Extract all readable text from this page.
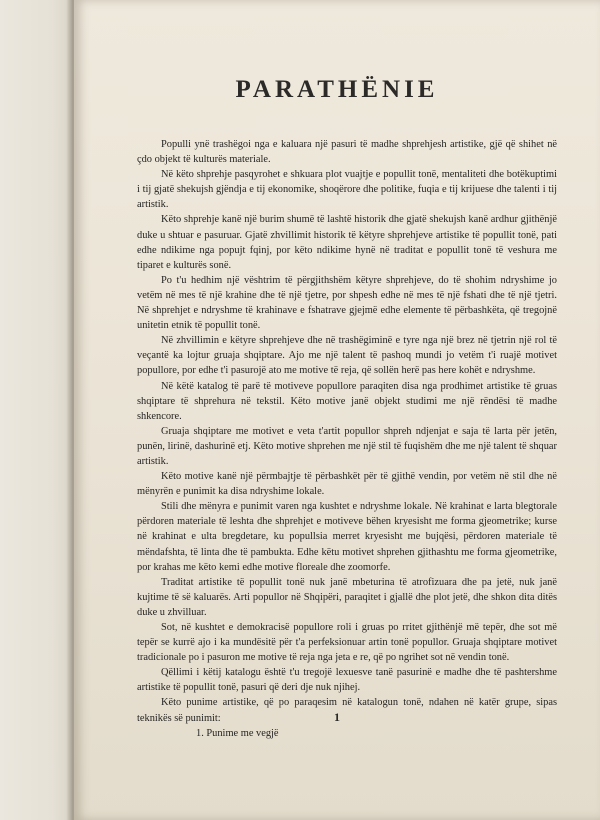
PARATHËNIE

Populli ynë trashëgoi nga e kaluara një pasuri të madhe shprehjesh artistike, gjë që shihet në çdo objekt të kulturës materiale.

Në këto shprehje pasqyrohet e shkuara plot vuajtje e popullit tonë, mentaliteti dhe botëkuptimi i tij gjatë shekujsh gjëndja e tij ekonomike, shoqërore dhe politike, fuqia e tij krijuese dhe talenti i tij artistik.

Këto shprehje kanë një burim shumë të lashtë historik dhe gjatë shekujsh kanë ardhur gjithënjë duke u shtuar e pasuruar. Gjatë zhvillimit historik të këtyre shprehjeve artistike të popullit tonë, pati edhe ndikime nga popujt fqinj, por këto ndikime hynë në traditat e popullit tonë të veshura me tiparet e kulturës sonë.

Po t'u hedhim një vështrim të përgjithshëm këtyre shprehjeve, do të shohim ndryshime jo vetëm në mes të një krahine dhe të një tjetre, por shpesh edhe në mes të një fshati dhe të një tjetri. Në shprehjet e ndryshme të krahinave e fshatrave gjejmë edhe elemente të përbashkëta, që tregojnë unitetin etnik të popullit tonë.

Në zhvillimin e këtyre shprehjeve dhe në trashëgiminë e tyre nga një brez në tjetrin një rol të veçantë ka lojtur gruaja shqiptare. Ajo me një talent të pashoq mundi jo vetëm t'i ruajë motivet popullore, por edhe t'i pasurojë ato me motive të reja, që sollën herë pas here kohët e ndryshme.

Në këtë katalog të parë të motiveve popullore paraqiten disa nga prodhimet artistike të gruas shqiptare të shprehura në tekstil. Këto motive janë objekt studimi me një rëndësi të madhe shkencore.

Gruaja shqiptare me motivet e veta t'artit popullor shpreh ndjenjat e saja të larta për jetën, punën, lirinë, dashurinë etj. Këto motive shprehen me një stil të fuqishëm dhe me një talent të shquar artistik.

Këto motive kanë një përmbajtje të përbashkët për të gjithë vendin, por vetëm në stil dhe në mënyrën e punimit ka disa ndryshime lokale.

Stili dhe mënyra e punimit varen nga kushtet e ndryshme lokale. Në krahinat e larta blegtorale përdoren materiale të leshta dhe shprehjet e motiveve bëhen kryesisht me forma gjeometrike; kurse në krahinat e ulta bregdetare, ku popullsia merret kryesisht me bujqësi, përdoren materiale të mëndafshta, të linta dhe të pambukta. Edhe këtu motivet shprehen gjithashtu me forma gjeometrike, por krahas me këto kemi edhe motive floreale dhe zoomorfe.

Traditat artistike të popullit tonë nuk janë mbeturina të atrofizuara dhe pa jetë, nuk janë kujtime të së kaluarës. Arti popullor në Shqipëri, paraqitet i gjallë dhe plot jetë, dhe shkon dita ditës duke u zhvilluar.

Sot, në kushtet e demokracisë popullore roli i gruas po rritet gjithënjë më tepër, dhe sot më tepër se kurrë ajo i ka mundësitë për t'a perfeksionuar artin tonë popullor. Gruaja shqiptare motivet tradicionale po i pasuron me motive të reja nga jeta e re, që po ngrihet sot në vendin tonë.

Qëllimi i këtij katalogu është t'u tregojë lexuesve tanë pasurinë e madhe dhe të pashtershme artistike të popullit tonë, pasuri që deri dje nuk njihej.

Këto punime artistike, që po paraqesim në katalogun tonë, ndahen në katër grupe, sipas teknikës së punimit:

1. Punime me vegjë
1
